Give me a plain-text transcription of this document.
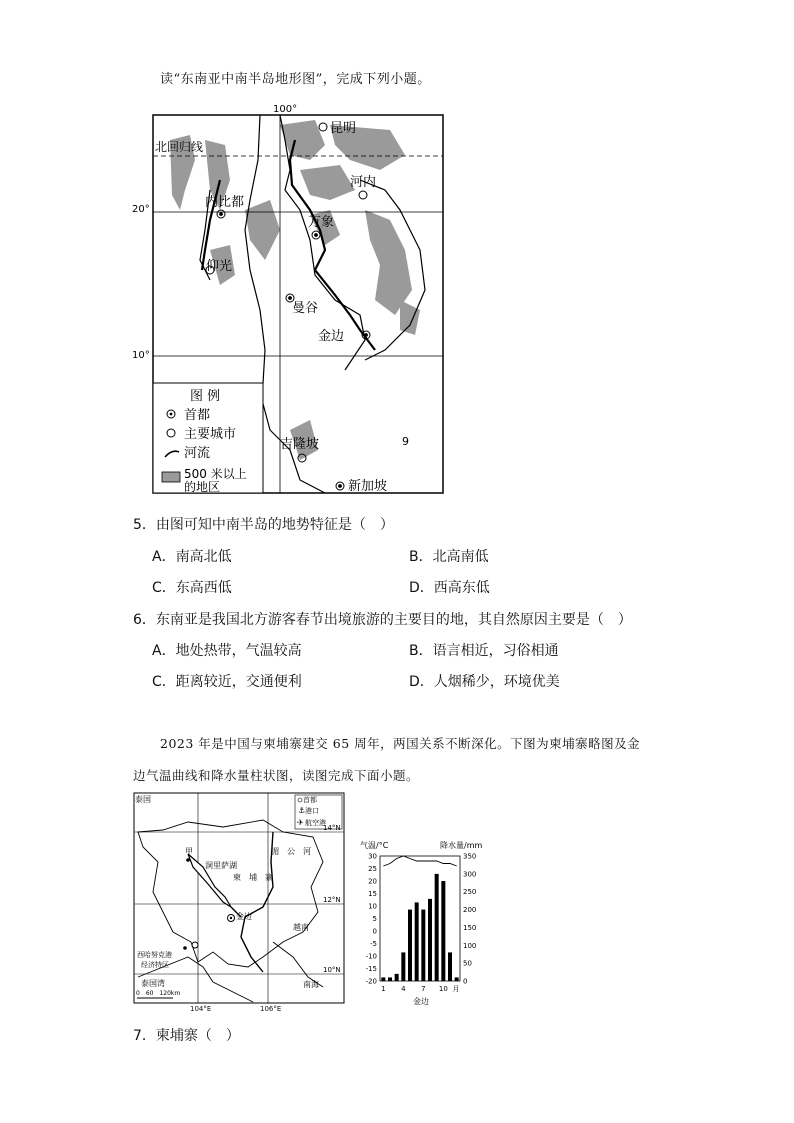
读“东南亚中南半岛地形图”，完成下列小题。
100°
20°
10°
北回归线
昆明
河内
内比都
万象
仰光
曼谷
金边
吉隆坡
新加坡
9
图 例
首都
主要城市
河流
500 米以上
的地区
5．由图可知中南半岛的地势特征是（　）
A．南高北低	B．北高南低
C．东高西低	D．西高东低
6．东南亚是我国北方游客春节出境旅游的主要目的地，其自然原因主要是（　）
A．地处热带，气温较高	B．语言相近，习俗相通
C．距离较近，交通便利	D．人烟稀少，环境优美
2023 年是中国与柬埔寨建交 65 周年，两国关系不断深化。下图为柬埔寨略图及金
边气温曲线和降水量柱状图，读图完成下面小题。
⚓
✈
泰国
甲
洞里萨湖
柬　埔　寨
湄　公　河
金边
越南
西哈努克港
经济特区
泰国湾	南海
14°N
12°N
10°N
首都
港口
航空港
0　60　120km
104°E	106°E
气温/°C	降水量/mm
30
25
20
15
10
5
0
-5
-10
-15
-20
350
300
250
200
150
100
50
0
1 4 7 10 月
金边
7．柬埔寨（　）
